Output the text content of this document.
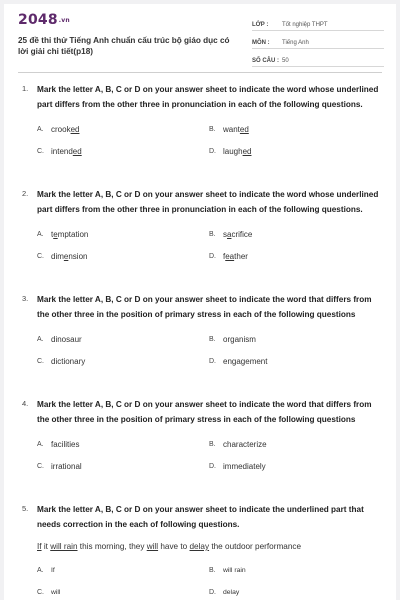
2048.vn
25 đề thi thử Tiếng Anh chuẩn cấu trúc bộ giáo dục có lời giải chi tiết(p18)
LỚP :	Tốt nghiệp THPT
MÔN :	Tiếng Anh
SỐ CÂU : 50
1. Mark the letter A, B, C or D on your answer sheet to indicate the word whose underlined part differs from the other three in pronunciation in each of the following questions.
A. crooked	B. wanted
C. intended	D. laughed
2. Mark the letter A, B, C or D on your answer sheet to indicate the word whose underlined part differs from the other three in pronunciation in each of the following questions.
A. temptation	B. sacrifice
C. dimension	D. feather
3. Mark the letter A, B, C or D on your answer sheet to indicate the word that differs from the other three in the position of primary stress in each of the following questions
A. dinosaur	B. organism
C. dictionary	D. engagement
4. Mark the letter A, B, C or D on your answer sheet to indicate the word that differs from the other three in the position of primary stress in each of the following questions
A. facilities	B. characterize
C. irrational	D. immediately
5. Mark the letter A, B, C or D on your answer sheet to indicate the underlined part that needs correction in the each of following questions.
If it will rain this morning, they will have to delay the outdoor performance
A.	If	B.	will rain
C.	will	D.	delay
